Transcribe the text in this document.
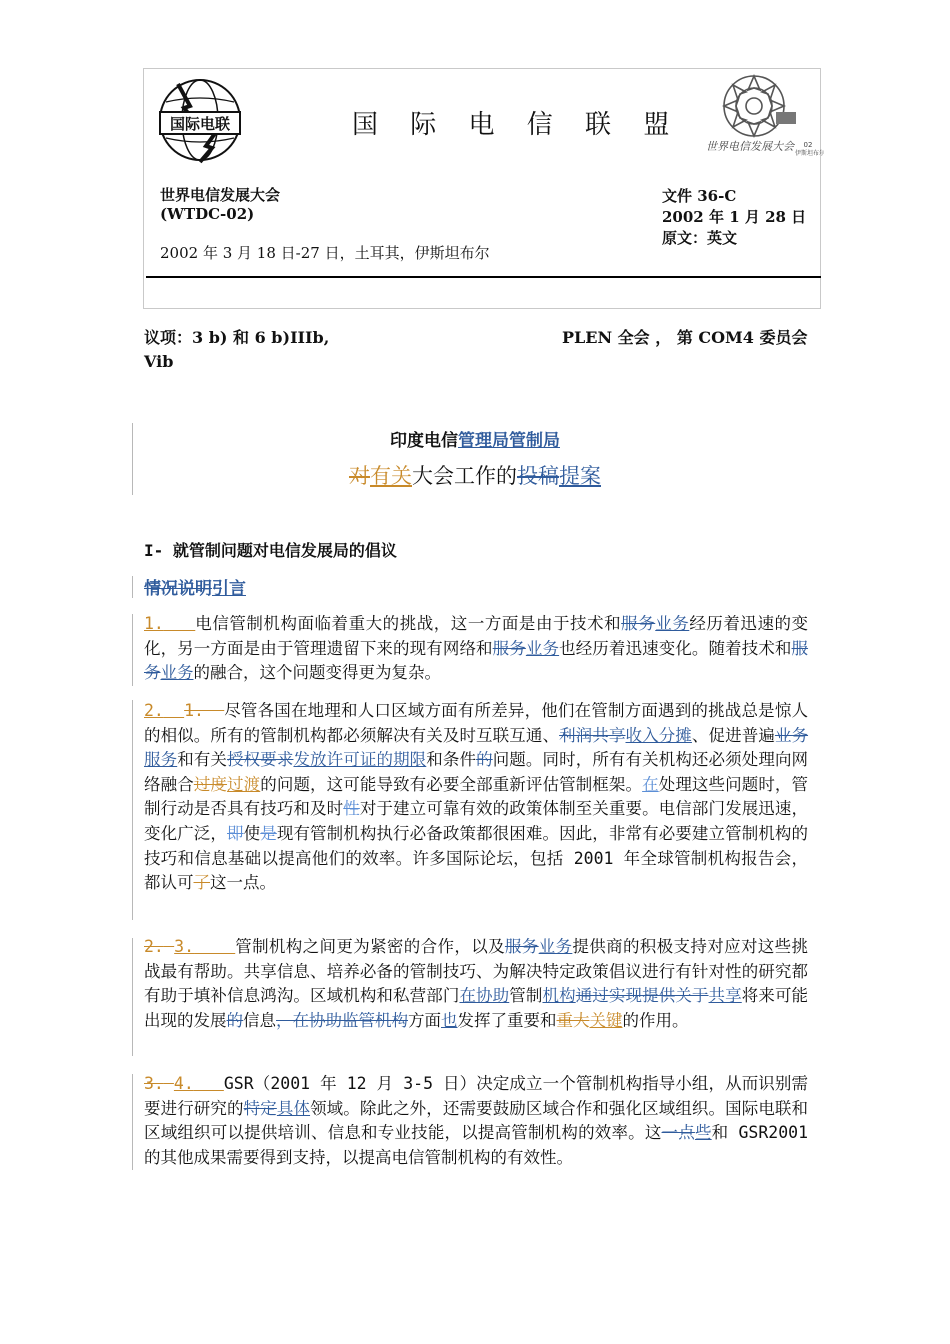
国际电联	国 际 电 信 联 盟
世界电信发展大会 02
伊斯坦布尔
世界电信发展大会
(WTDC-02)
2002 年 3 月 18 日-27 日，土耳其，伊斯坦布尔
文件 36-C
2002 年 1 月 28 日
原文：英文
议项：3 b) 和 6 b)IIIb, Vib
PLEN 全会 ， 第 COM4 委员会
印度电信管理局管制局
对有关大会工作的投稿提案
I- 就管制问题对电信发展局的倡议
情况说明引言
1. 电信管制机构面临着重大的挑战，这一方面是由于技术和服务业务经历着迅速的变化，另一方面是由于管理遗留下来的现有网络和服务业务也经历着迅速变化。随着技术和服务业务的融合，这个问题变得更为复杂。
2. 1. 尽管各国在地理和人口区域方面有所差异，他们在管制方面遇到的挑战总是惊人的相似。所有的管制机构都必须解决有关及时互联互通、利润共享收入分摊、促进普遍业务服务和有关授权要求发放许可证的期限和条件的问题。同时，所有有关机构还必须处理向网络融合过度过渡的问题，这可能导致有必要全部重新评估管制框架。在处理这些问题时，管制行动是否具有技巧和及时性对于建立可靠有效的政策体制至关重要。电信部门发展迅速，变化广泛，即使是现有管制机构执行必备政策都很困难。因此，非常有必要建立管制机构的技巧和信息基础以提高他们的效率。许多国际论坛，包括 2001 年全球管制机构报告会，都认可了这一点。
2. 3. 管制机构之间更为紧密的合作，以及服务业务提供商的积极支持对应对这些挑战最有帮助。共享信息、培养必备的管制技巧、为解决特定政策倡议进行有针对性的研究都有助于填补信息鸿沟。区域机构和私营部门在协助管制机构通过实现提供关于共享将来可能出现的发展的信息，在协助监管机构方面也发挥了重要和重大关键的作用。
3. 4. GSR（2001 年 12 月 3-5 日）决定成立一个管制机构指导小组，从而识别需要进行研究的特定具体领域。除此之外，还需要鼓励区域合作和强化区域组织。国际电联和区域组织可以提供培训、信息和专业技能，以提高管制机构的效率。这一点些和 GSR2001 的其他成果需要得到支持，以提高电信管制机构的有效性。
